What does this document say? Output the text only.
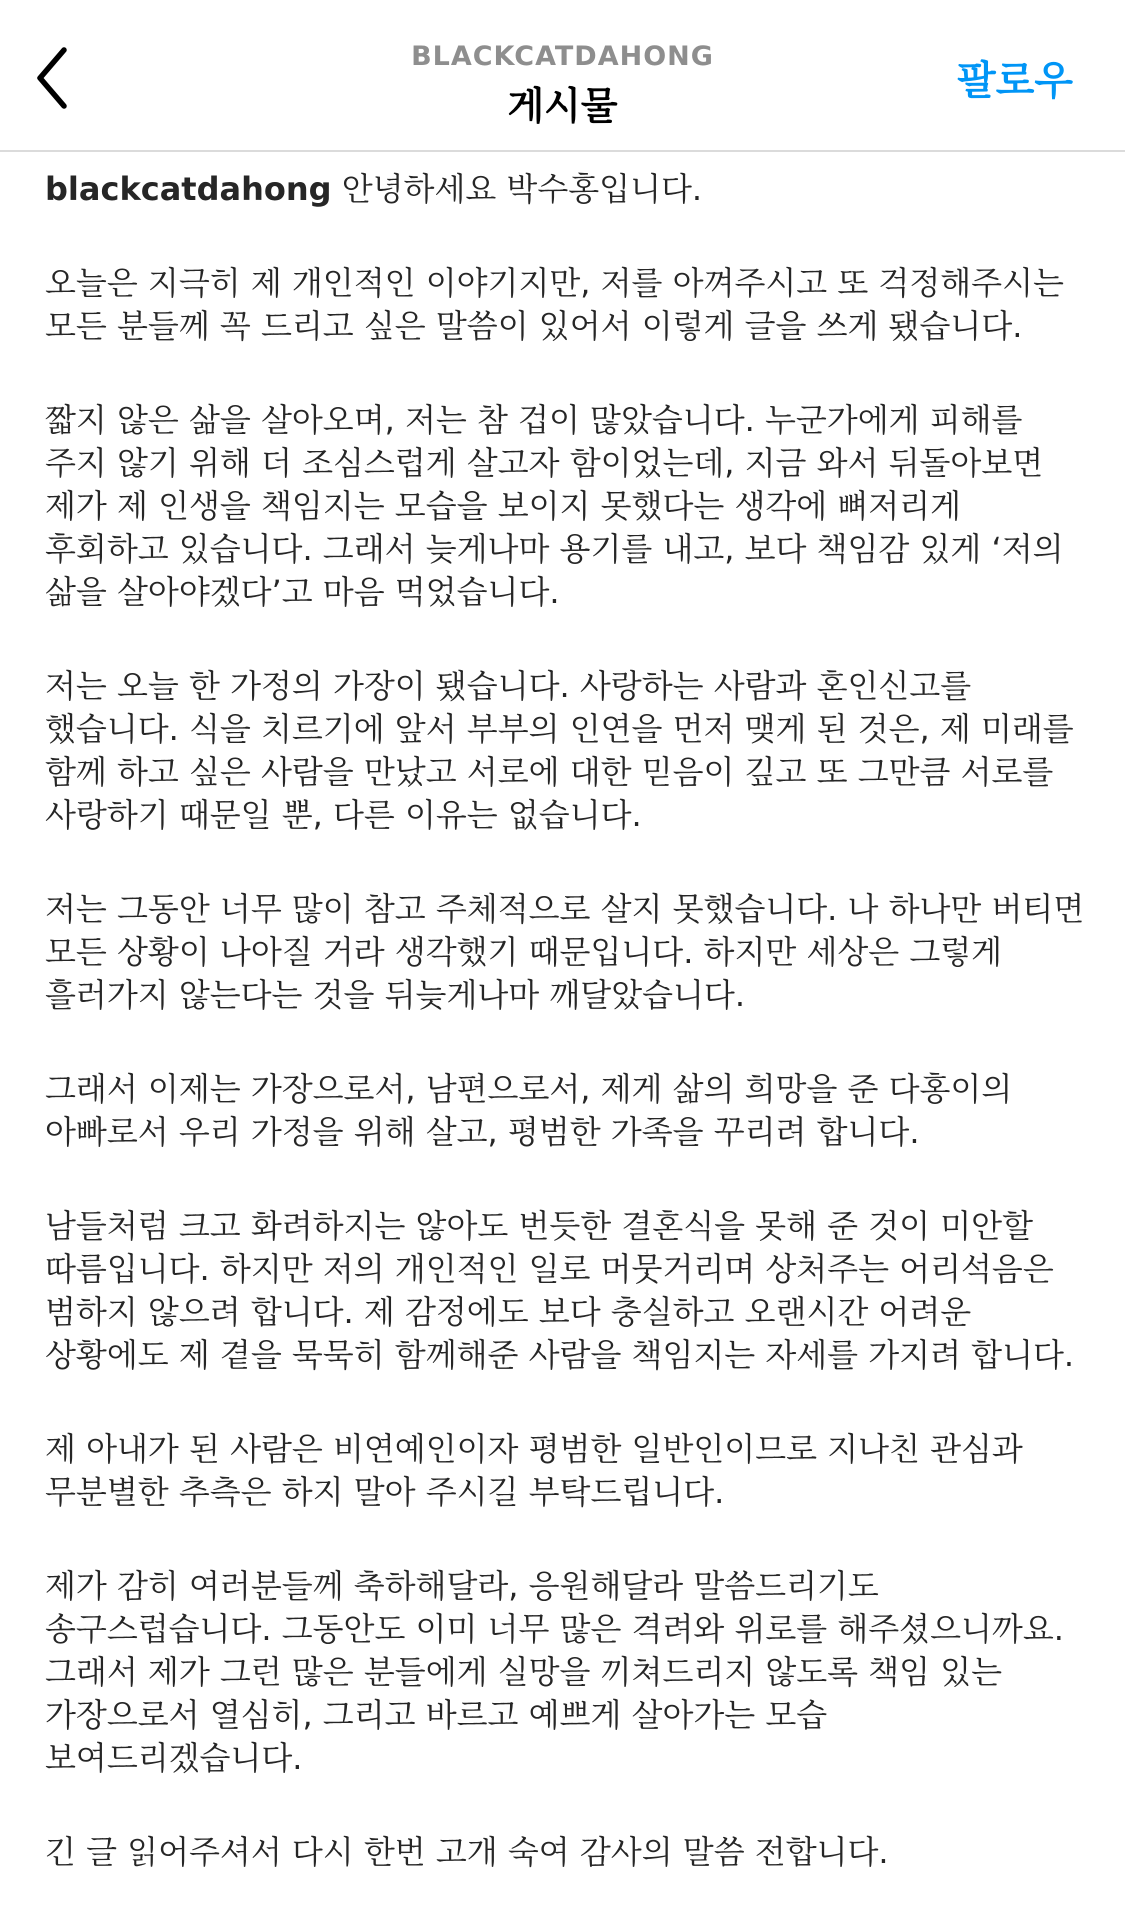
BLACKCATDAHONG
게시물
팔로우

blackcatdahong 안녕하세요 박수홍입니다.

오늘은 지극히 제 개인적인 이야기지만, 저를 아껴주시고 또 걱정해주시는 모든 분들께 꼭 드리고 싶은 말씀이 있어서 이렇게 글을 쓰게 됐습니다.

짧지 않은 삶을 살아오며, 저는 참 겁이 많았습니다. 누군가에게 피해를 주지 않기 위해 더 조심스럽게 살고자 함이었는데, 지금 와서 뒤돌아보면 제가 제 인생을 책임지는 모습을 보이지 못했다는 생각에 뼈저리게 후회하고 있습니다. 그래서 늦게나마 용기를 내고, 보다 책임감 있게 ‘저의 삶을 살아야겠다’고 마음 먹었습니다.

저는 오늘 한 가정의 가장이 됐습니다. 사랑하는 사람과 혼인신고를 했습니다. 식을 치르기에 앞서 부부의 인연을 먼저 맺게 된 것은, 제 미래를 함께 하고 싶은 사람을 만났고 서로에 대한 믿음이 깊고 또 그만큼 서로를 사랑하기 때문일 뿐, 다른 이유는 없습니다.

저는 그동안 너무 많이 참고 주체적으로 살지 못했습니다. 나 하나만 버티면 모든 상황이 나아질 거라 생각했기 때문입니다. 하지만 세상은 그렇게 흘러가지 않는다는 것을 뒤늦게나마 깨달았습니다.

그래서 이제는 가장으로서, 남편으로서, 제게 삶의 희망을 준 다홍이의 아빠로서 우리 가정을 위해 살고, 평범한 가족을 꾸리려 합니다.

남들처럼 크고 화려하지는 않아도 번듯한 결혼식을 못해 준 것이 미안할 따름입니다. 하지만 저의 개인적인 일로 머뭇거리며 상처주는 어리석음은 범하지 않으려 합니다. 제 감정에도 보다 충실하고 오랜시간 어려운 상황에도 제 곁을 묵묵히 함께해준 사람을 책임지는 자세를 가지려 합니다.

제 아내가 된 사람은 비연예인이자 평범한 일반인이므로 지나친 관심과 무분별한 추측은 하지 말아 주시길 부탁드립니다.

제가 감히 여러분들께 축하해달라, 응원해달라 말씀드리기도 송구스럽습니다. 그동안도 이미 너무 많은 격려와 위로를 해주셨으니까요. 그래서 제가 그런 많은 분들에게 실망을 끼쳐드리지 않도록 책임 있는 가장으로서 열심히, 그리고 바르고 예쁘게 살아가는 모습 보여드리겠습니다.

긴 글 읽어주셔서 다시 한번 고개 숙여 감사의 말씀 전합니다.
